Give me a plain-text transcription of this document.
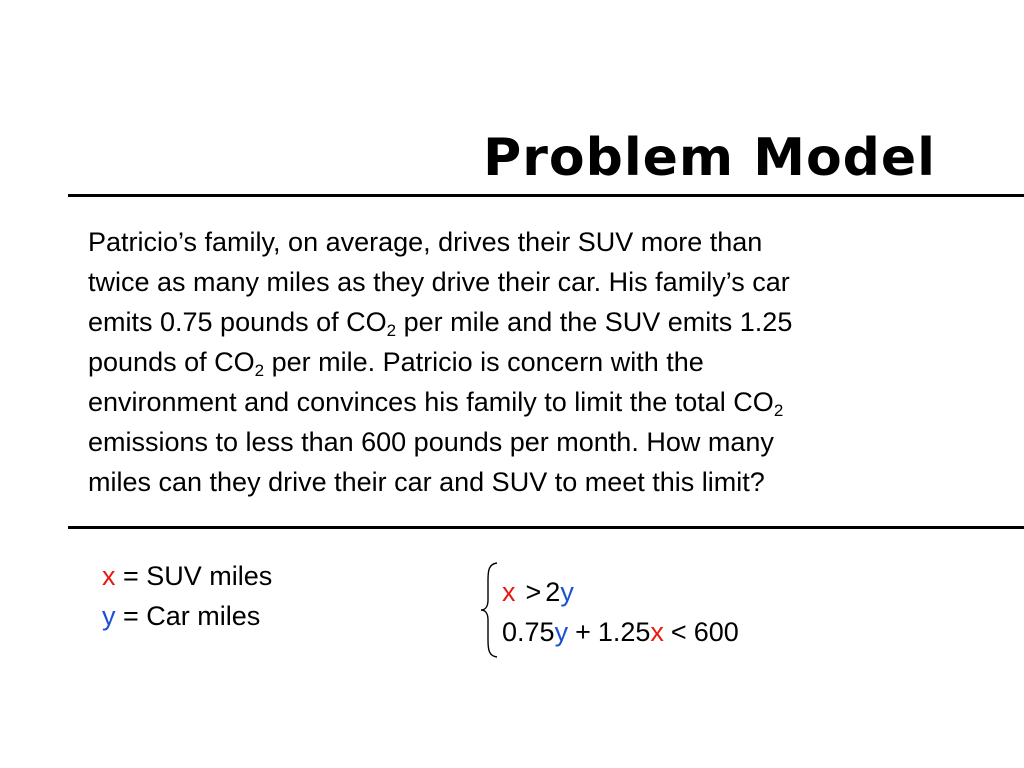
Problem Model
Patricio’s family, on average, drives their SUV more than
twice as many miles as they drive their car. His family’s car
emits 0.75 pounds of $CO_2$ per mile and the SUV emits 1.25
pounds of $CO_2$ per mile. Patricio is concern with the
environment and convinces his family to limit the total $CO_2$
emissions to less than 600 pounds per month. How many
miles can they drive their car and SUV to meet this limit?
x = SUV miles
y = Car miles
x > 2y
0.75y + 1.25x < 600
